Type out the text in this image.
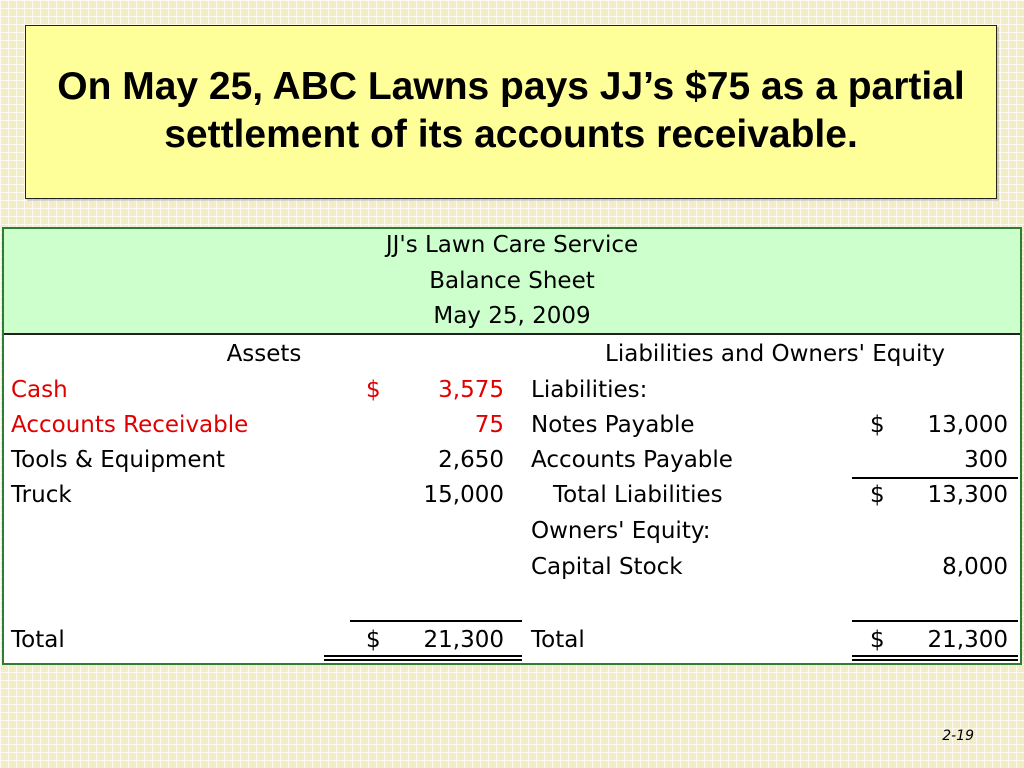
On May 25, ABC Lawns pays JJ’s $75 as a partial settlement of its accounts receivable.

JJ's Lawn Care Service
Balance Sheet
May 25, 2009
Assets
Cash	$	3,575
Accounts Receivable	75
Tools & Equipment	2,650
Truck	15,000
Total	$	21,300
Liabilities and Owners' Equity
Liabilities:
Notes Payable	$	13,000
Accounts Payable	300
Total Liabilities	$	13,300
Owners' Equity:
Capital Stock	8,000
Total	$	21,300
2-19
